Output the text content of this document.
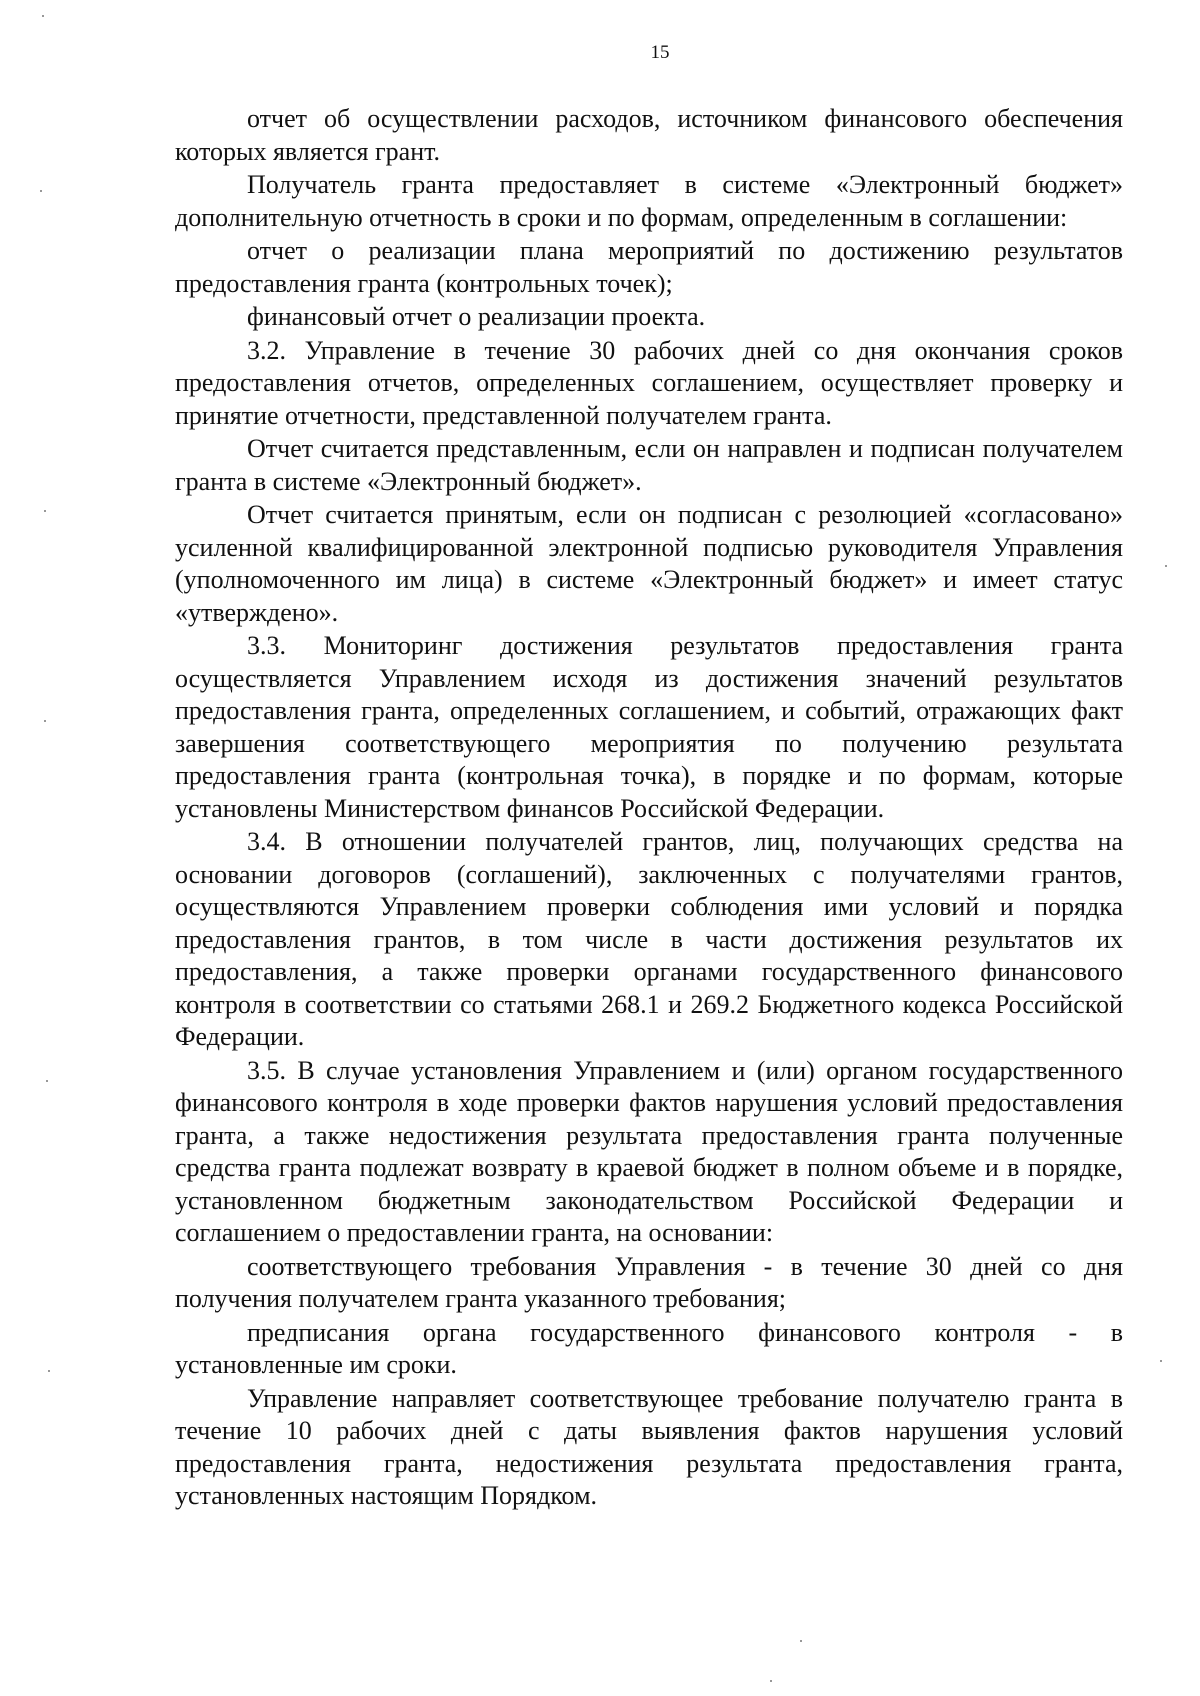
15

отчет об осуществлении расходов, источником финансового обеспечения которых является грант.

Получатель гранта предоставляет в системе «Электронный бюджет» дополнительную отчетность в сроки и по формам, определенным в соглашении:

отчет о реализации плана мероприятий по достижению результатов предоставления гранта (контрольных точек);

финансовый отчет о реализации проекта.

3.2. Управление в течение 30 рабочих дней со дня окончания сроков предоставления отчетов, определенных соглашением, осуществляет проверку и принятие отчетности, представленной получателем гранта.

Отчет считается представленным, если он направлен и подписан получателем гранта в системе «Электронный бюджет».

Отчет считается принятым, если он подписан с резолюцией «согласовано» усиленной квалифицированной электронной подписью руководителя Управления (уполномоченного им лица) в системе «Электронный бюджет» и имеет статус «утверждено».

3.3. Мониторинг достижения результатов предоставления гранта осуществляется Управлением исходя из достижения значений результатов предоставления гранта, определенных соглашением, и событий, отражающих факт завершения соответствующего мероприятия по получению результата предоставления гранта (контрольная точка), в порядке и по формам, которые установлены Министерством финансов Российской Федерации.

3.4. В отношении получателей грантов, лиц, получающих средства на основании договоров (соглашений), заключенных с получателями грантов, осуществляются Управлением проверки соблюдения ими условий и порядка предоставления грантов, в том числе в части достижения результатов их предоставления, а также проверки органами государственного финансового контроля в соответствии со статьями 268.1 и 269.2 Бюджетного кодекса Российской Федерации.

3.5. В случае установления Управлением и (или) органом государственного финансового контроля в ходе проверки фактов нарушения условий предоставления гранта, а также недостижения результата предоставления гранта полученные средства гранта подлежат возврату в краевой бюджет в полном объеме и в порядке, установленном бюджетным законодательством Российской Федерации и соглашением о предоставлении гранта, на основании:

соответствующего требования Управления - в течение 30 дней со дня получения получателем гранта указанного требования;

предписания органа государственного финансового контроля - в установленные им сроки.

Управление направляет соответствующее требование получателю гранта в течение 10 рабочих дней с даты выявления фактов нарушения условий предоставления гранта, недостижения результата предоставления гранта, установленных настоящим Порядком.
